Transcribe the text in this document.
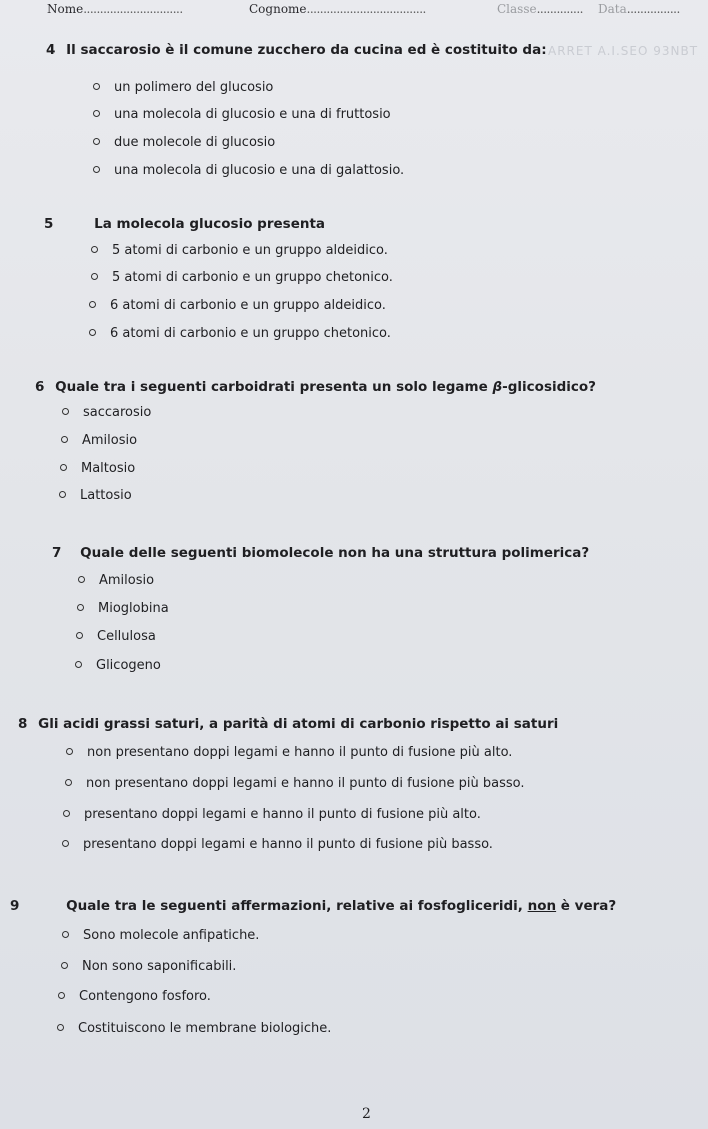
Nome..............................	Cognome....................................	Classe.............. Data................
ARRET A.I.SEO 93NBT
4 Il saccarosio è il comune zucchero da cucina ed è costituito da:
un polimero del glucosio
una molecola di glucosio e una di fruttosio
due molecole di glucosio
una molecola di glucosio e una di galattosio.
5	La molecola glucosio presenta
5 atomi di carbonio e un gruppo aldeidico.
5 atomi di carbonio e un gruppo chetonico.
6 atomi di carbonio e un gruppo aldeidico.
6 atomi di carbonio e un gruppo chetonico.
6 Quale tra i seguenti carboidrati presenta un solo legame β-glicosidico?
saccarosio
Amilosio
Maltosio
Lattosio
7 Quale delle seguenti biomolecole non ha una struttura polimerica?
Amilosio
Mioglobina
Cellulosa
Glicogeno
8 Gli acidi grassi saturi, a parità di atomi di carbonio rispetto ai saturi
non presentano doppi legami e hanno il punto di fusione più alto.
non presentano doppi legami e hanno il punto di fusione più basso.
presentano doppi legami e hanno il punto di fusione più alto.
presentano doppi legami e hanno il punto di fusione più basso.
9	Quale tra le seguenti affermazioni, relative ai fosfogliceridi, non è vera?
Sono molecole anfipatiche.
Non sono saponificabili.
Contengono fosforo.
Costituiscono le membrane biologiche.
2
